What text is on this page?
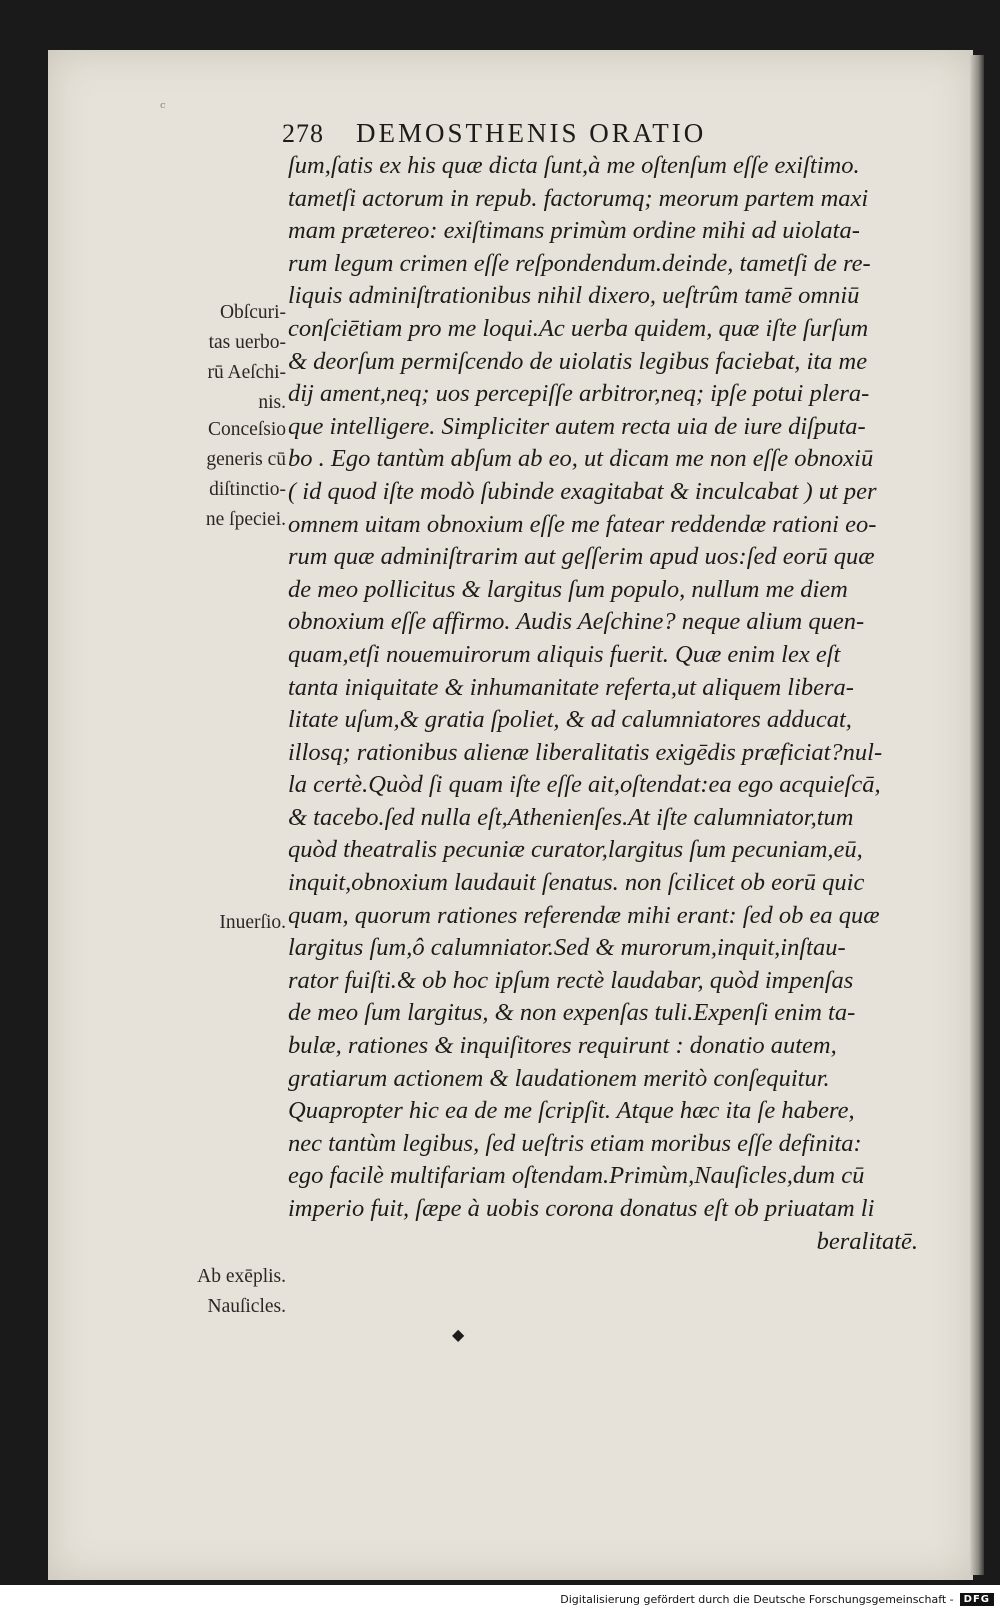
ᶜ
278 DEMOSTHENIS ORATIO
ſum,ſatis ex his quæ dicta ſunt,à me oſtenſum eſſe exiſtimo.
tametſi actorum in repub. factorumq; meorum partem maxi
mam prætereo: exiſtimans primùm ordine mihi ad uiolata-
rum legum crimen eſſe reſpondendum.deinde, tametſi de re-
liquis adminiſtrationibus nihil dixero, ueſtrûm tamē omniū
conſciētiam pro me loqui.Ac uerba quidem, quæ iſte ſurſum
& deorſum permiſcendo de uiolatis legibus faciebat, ita me
dij ament,neq; uos percepiſſe arbitror,neq; ipſe potui plera-
que intelligere. Simpliciter autem recta uia de iure diſputa-
bo . Ego tantùm abſum ab eo, ut dicam me non eſſe obnoxiū
( id quod iſte modò ſubinde exagitabat & inculcabat ) ut per
omnem uitam obnoxium eſſe me fatear reddendæ rationi eo-
rum quæ adminiſtrarim aut geſſerim apud uos:ſed eorū quæ
de meo pollicitus & largitus ſum populo, nullum me diem
obnoxium eſſe affirmo. Audis Aeſchine? neque alium quen-
quam,etſi nouemuirorum aliquis fuerit. Quæ enim lex eſt
tanta iniquitate & inhumanitate referta,ut aliquem libera-
litate uſum,& gratia ſpoliet, & ad calumniatores adducat,
illosq; rationibus alienæ liberalitatis exigēdis præficiat?nul-
la certè.Quòd ſi quam iſte eſſe ait,oſtendat:ea ego acquieſcā,
& tacebo.ſed nulla eſt,Athenienſes.At iſte calumniator,tum
quòd theatralis pecuniæ curator,largitus ſum pecuniam,eū,
inquit,obnoxium laudauit ſenatus. non ſcilicet ob eorū quic
quam, quorum rationes referendæ mihi erant: ſed ob ea quæ
largitus ſum,ô calumniator.Sed & murorum,inquit,inſtau-
rator fuiſti.& ob hoc ipſum rectè laudabar, quòd impenſas
de meo ſum largitus, & non expenſas tuli.Expenſi enim ta-
bulæ, rationes & inquiſitores requirunt : donatio autem,
gratiarum actionem & laudationem meritò conſequitur.
Quapropter hic ea de me ſcripſit. Atque hæc ita ſe habere,
nec tantùm legibus, ſed ueſtris etiam moribus eſſe definita:
ego facilè multifariam oſtendam.Primùm,Nauſicles,dum cū
imperio fuit, ſæpe à uobis corona donatus eſt ob priuatam li
beralitatē.
Obſcuri-
tas uerbo-
rū Aeſchi-
nis.
Conceſsio
generis cū
diſtinctio-
ne ſpeciei.
Inuerſio.
Ab exēplis.
Nauſicles.
◆
Digitalisierung gefördert durch die Deutsche Forschungsgemeinschaft -	DFG
